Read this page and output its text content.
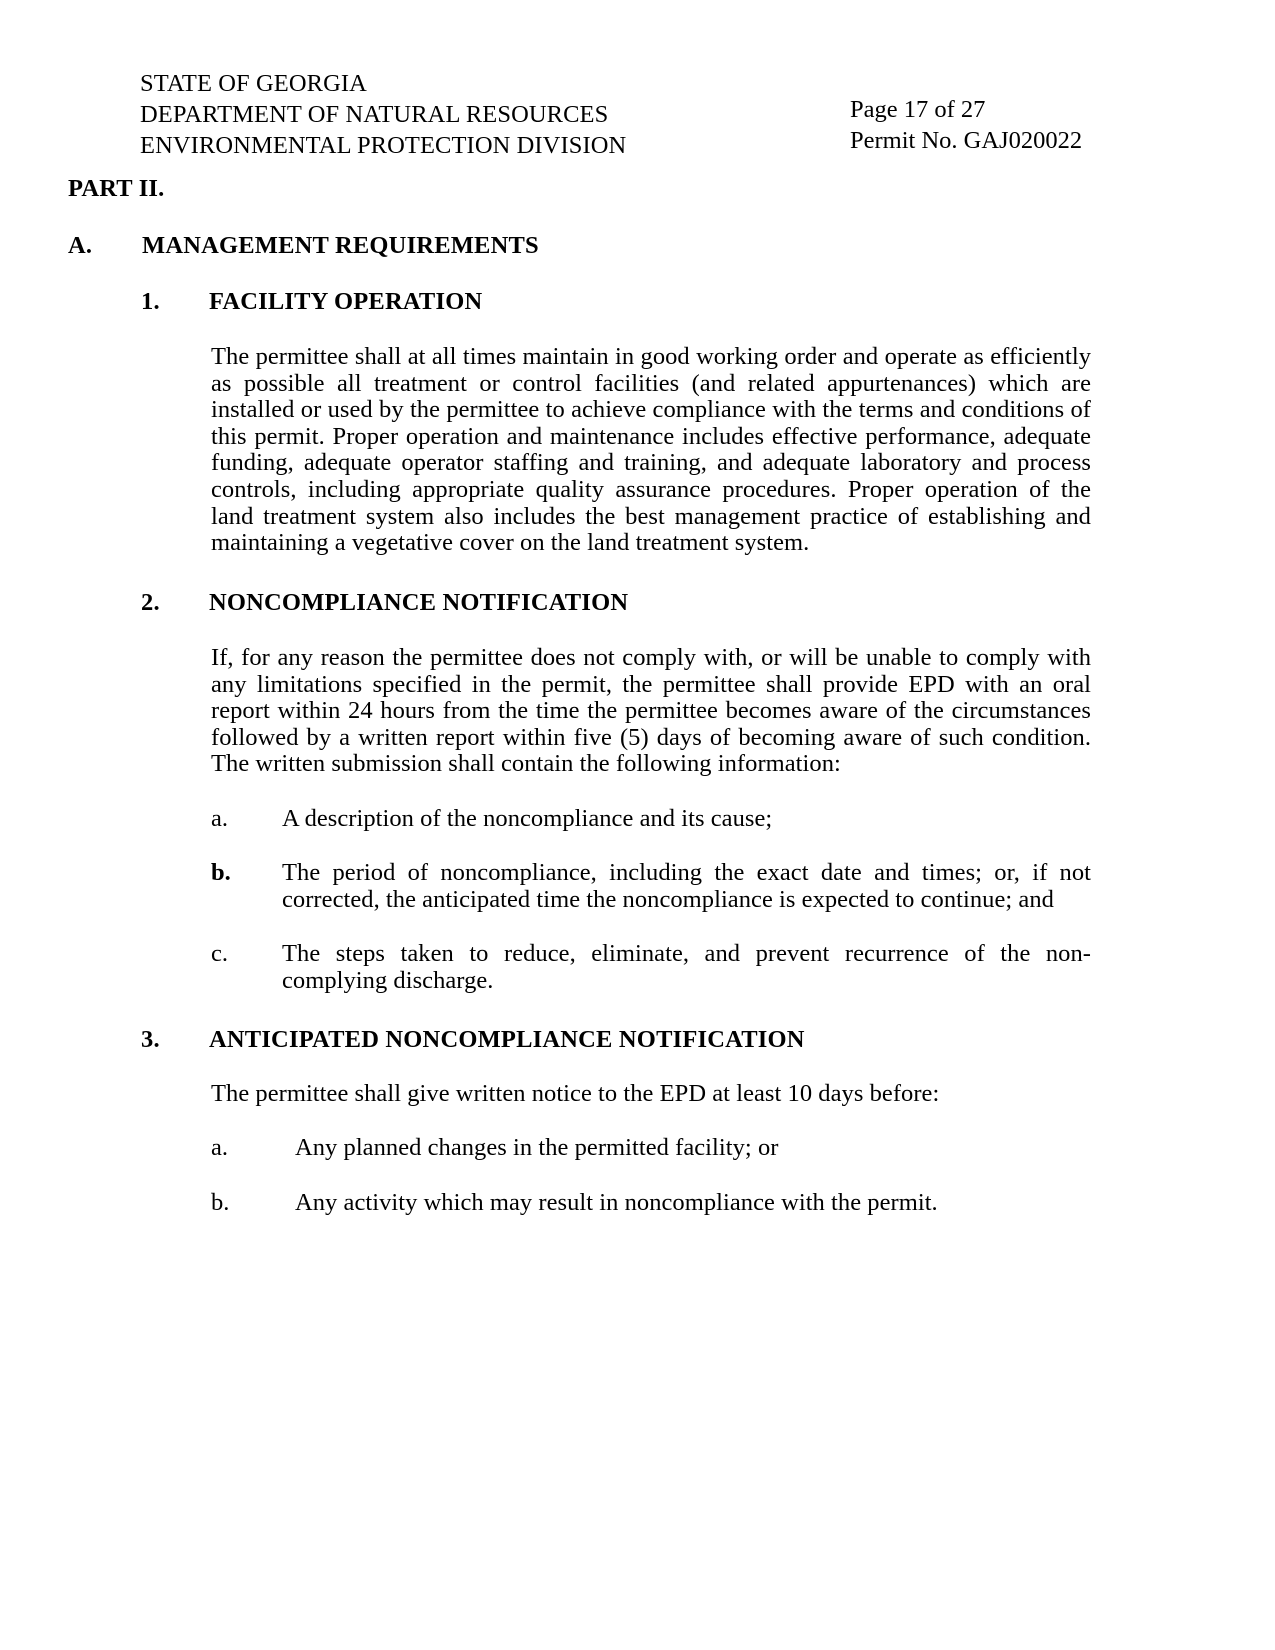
STATE OF GEORGIA
DEPARTMENT OF NATURAL RESOURCES
ENVIRONMENTAL PROTECTION DIVISION
Page 17 of 27
Permit No. GAJ020022
PART II.
A. MANAGEMENT REQUIREMENTS
1. FACILITY OPERATION
The permittee shall at all times maintain in good working order and operate as efficiently as possible all treatment or control facilities (and related appurtenances) which are installed or used by the permittee to achieve compliance with the terms and conditions of this permit. Proper operation and maintenance includes effective performance, adequate funding, adequate operator staffing and training, and adequate laboratory and process controls, including appropriate quality assurance procedures. Proper operation of the land treatment system also includes the best management practice of establishing and maintaining a vegetative cover on the land treatment system.
2. NONCOMPLIANCE NOTIFICATION
If, for any reason the permittee does not comply with, or will be unable to comply with any limitations specified in the permit, the permittee shall provide EPD with an oral report within 24 hours from the time the permittee becomes aware of the circumstances followed by a written report within five (5) days of becoming aware of such condition. The written submission shall contain the following information:
a.	A description of the noncompliance and its cause;
b.	The period of noncompliance, including the exact date and times; or, if not corrected, the anticipated time the noncompliance is expected to continue; and
c.	The steps taken to reduce, eliminate, and prevent recurrence of the non-complying discharge.
3. ANTICIPATED NONCOMPLIANCE NOTIFICATION
The permittee shall give written notice to the EPD at least 10 days before:
a.	Any planned changes in the permitted facility; or
b.	Any activity which may result in noncompliance with the permit.
